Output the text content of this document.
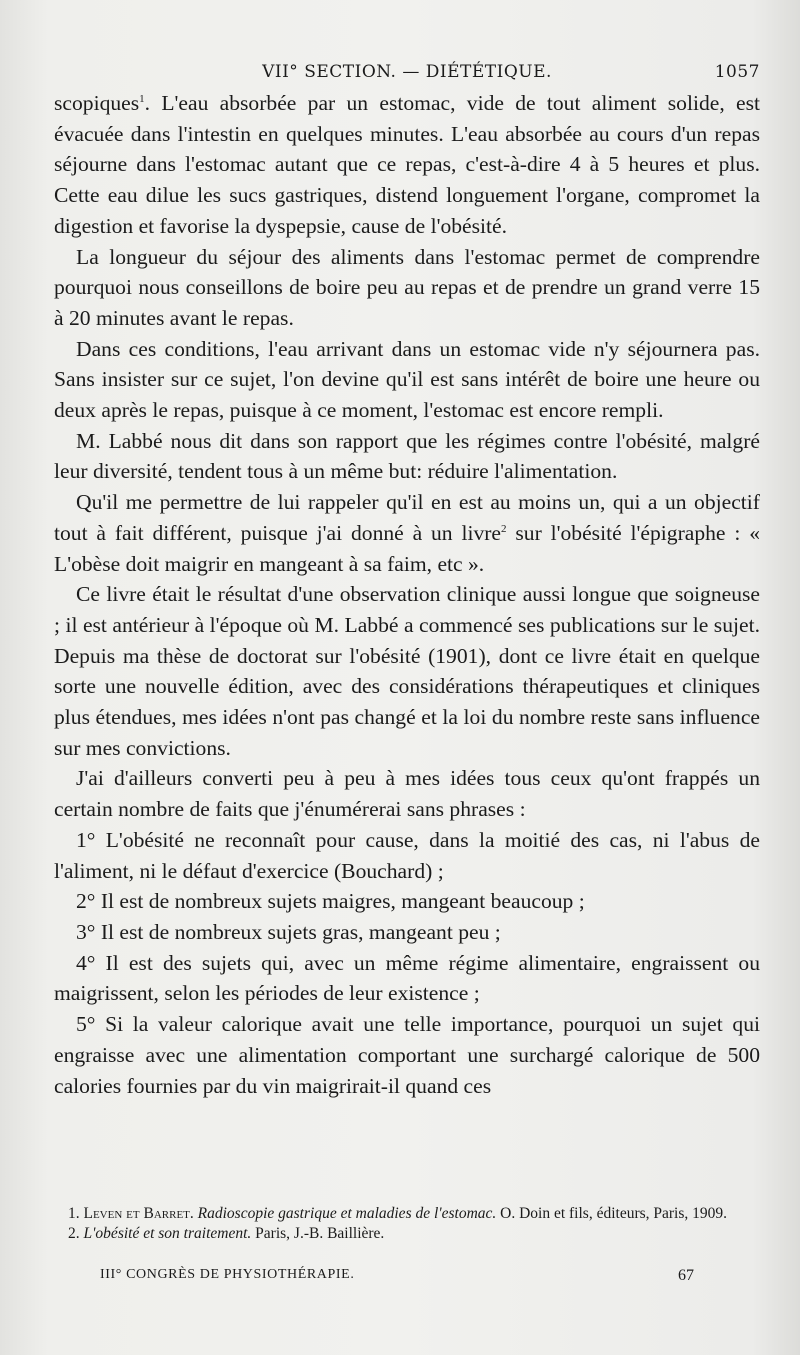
VII° SECTION. — DIÉTÉTIQUE.	1057

scopiques$^1$. L'eau absorbée par un estomac, vide de tout aliment solide, est évacuée dans l'intestin en quelques minutes. L'eau absorbée au cours d'un repas séjourne dans l'estomac autant que ce repas, c'est-à-dire 4 à 5 heures et plus. Cette eau dilue les sucs gastriques, distend longuement l'organe, compromet la digestion et favorise la dyspepsie, cause de l'obésité.

La longueur du séjour des aliments dans l'estomac permet de comprendre pourquoi nous conseillons de boire peu au repas et de prendre un grand verre 15 à 20 minutes avant le repas.

Dans ces conditions, l'eau arrivant dans un estomac vide n'y séjournera pas. Sans insister sur ce sujet, l'on devine qu'il est sans intérêt de boire une heure ou deux après le repas, puisque à ce moment, l'estomac est encore rempli.

M. Labbé nous dit dans son rapport que les régimes contre l'obésité, malgré leur diversité, tendent tous à un même but: réduire l'alimentation.

Qu'il me permettre de lui rappeler qu'il en est au moins un, qui a un objectif tout à fait différent, puisque j'ai donné à un livre$^2$ sur l'obésité l'épigraphe : « L'obèse doit maigrir en mangeant à sa faim, etc ».

Ce livre était le résultat d'une observation clinique aussi longue que soigneuse ; il est antérieur à l'époque où M. Labbé a commencé ses publications sur le sujet. Depuis ma thèse de doctorat sur l'obésité (1901), dont ce livre était en quelque sorte une nouvelle édition, avec des considérations thérapeutiques et cliniques plus étendues, mes idées n'ont pas changé et la loi du nombre reste sans influence sur mes convictions.

J'ai d'ailleurs converti peu à peu à mes idées tous ceux qu'ont frappés un certain nombre de faits que j'énumérerai sans phrases :

1° L'obésité ne reconnaît pour cause, dans la moitié des cas, ni l'abus de l'aliment, ni le défaut d'exercice (Bouchard) ;

2° Il est de nombreux sujets maigres, mangeant beaucoup ;

3° Il est de nombreux sujets gras, mangeant peu ;

4° Il est des sujets qui, avec un même régime alimentaire, engraissent ou maigrissent, selon les périodes de leur existence ;

5° Si la valeur calorique avait une telle importance, pourquoi un sujet qui engraisse avec une alimentation comportant une surchargé calorique de 500 calories fournies par du vin maigrirait-il quand ces

1. Leven et Barret. Radioscopie gastrique et maladies de l'estomac. O. Doin et fils, éditeurs, Paris, 1909.

2. L'obésité et son traitement. Paris, J.-B. Baillière.

III° CONGRÈS DE PHYSIOTHÉRAPIE.	67
